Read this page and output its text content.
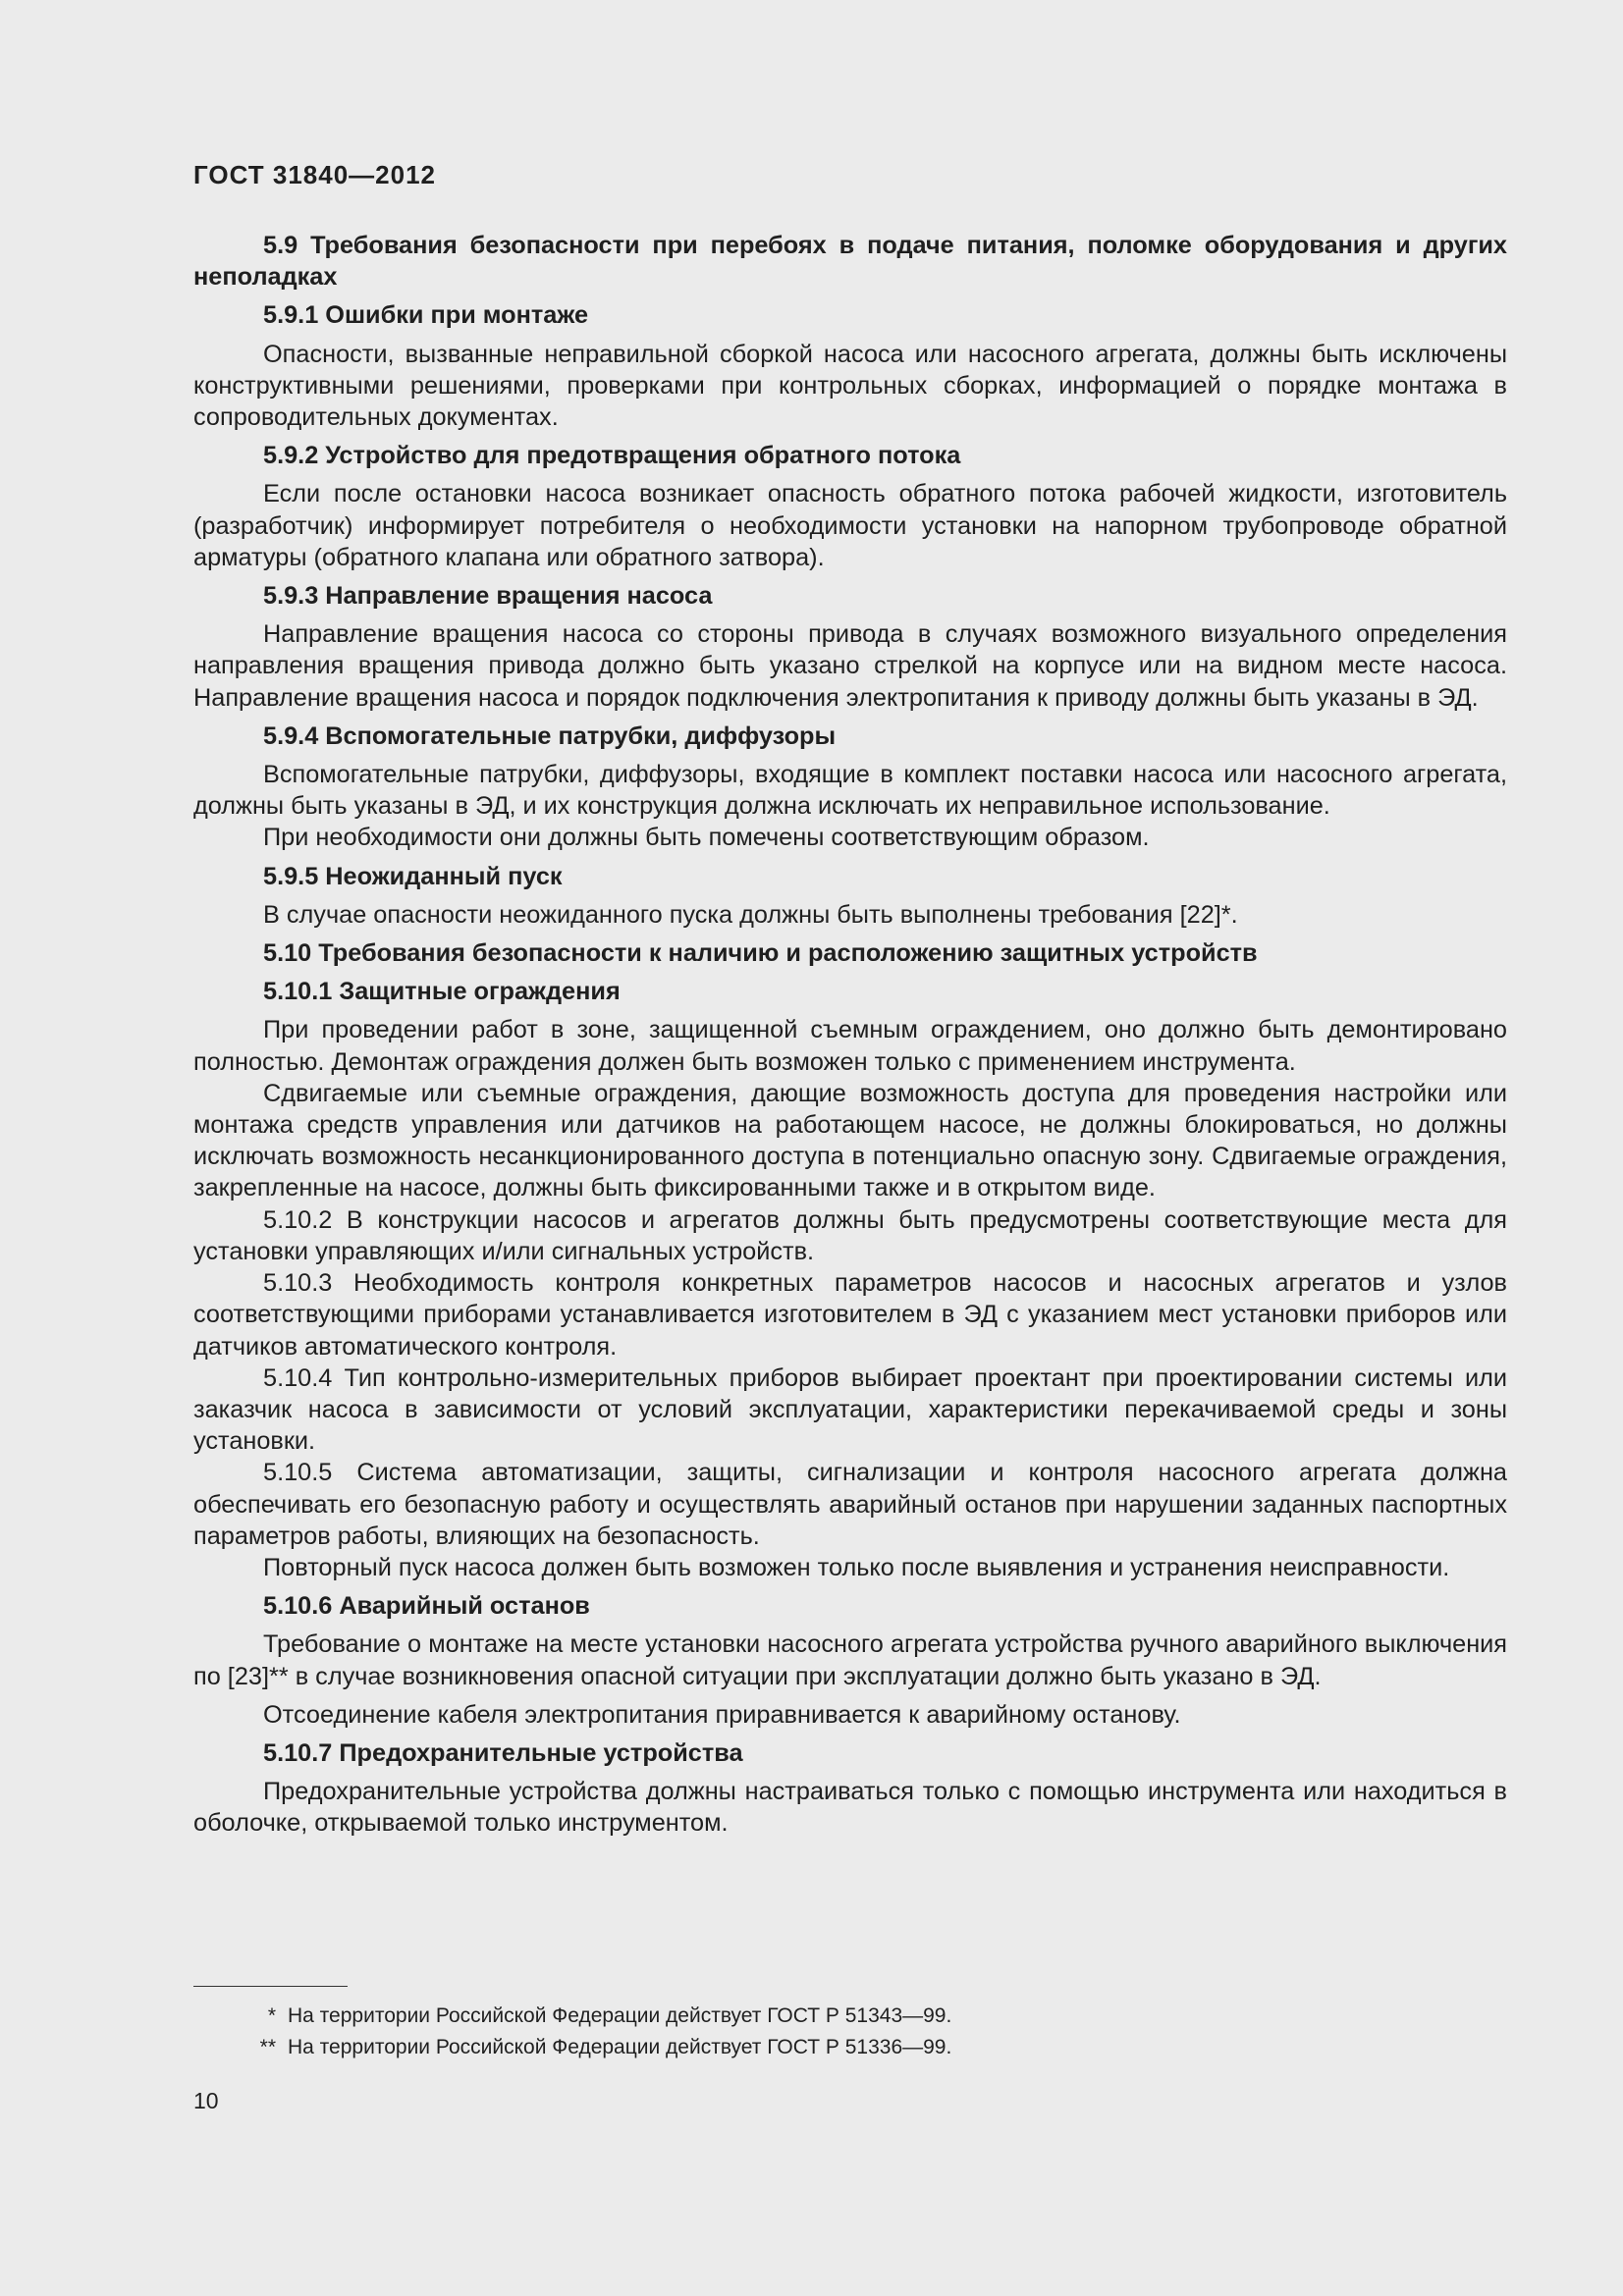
ГОСТ 31840—2012

5.9 Требования безопасности при перебоях в подаче питания, поломке оборудования и других неполадках

5.9.1 Ошибки при монтаже

Опасности, вызванные неправильной сборкой насоса или насосного агрегата, должны быть исключены конструктивными решениями, проверками при контрольных сборках, информацией о порядке монтажа в сопроводительных документах.

5.9.2 Устройство для предотвращения обратного потока

Если после остановки насоса возникает опасность обратного потока рабочей жидкости, изготовитель (разработчик) информирует потребителя о необходимости установки на напорном трубопроводе обратной арматуры (обратного клапана или обратного затвора).

5.9.3 Направление вращения насоса

Направление вращения насоса со стороны привода в случаях возможного визуального определения направления вращения привода должно быть указано стрелкой на корпусе или на видном месте насоса. Направление вращения насоса и порядок подключения электропитания к приводу должны быть указаны в ЭД.

5.9.4 Вспомогательные патрубки, диффузоры

Вспомогательные патрубки, диффузоры, входящие в комплект поставки насоса или насосного агрегата, должны быть указаны в ЭД, и их конструкция должна исключать их неправильное использование.

При необходимости они должны быть помечены соответствующим образом.

5.9.5 Неожиданный пуск

В случае опасности неожиданного пуска должны быть выполнены требования [22]*.

5.10 Требования безопасности к наличию и расположению защитных устройств

5.10.1 Защитные ограждения

При проведении работ в зоне, защищенной съемным ограждением, оно должно быть демонтировано полностью. Демонтаж ограждения должен быть возможен только с применением инструмента.

Сдвигаемые или съемные ограждения, дающие возможность доступа для проведения настройки или монтажа средств управления или датчиков на работающем насосе, не должны блокироваться, но должны исключать возможность несанкционированного доступа в потенциально опасную зону. Сдвигаемые ограждения, закрепленные на насосе, должны быть фиксированными также и в открытом виде.

5.10.2 В конструкции насосов и агрегатов должны быть предусмотрены соответствующие места для установки управляющих и/или сигнальных устройств.

5.10.3 Необходимость контроля конкретных параметров насосов и насосных агрегатов и узлов соответствующими приборами устанавливается изготовителем в ЭД с указанием мест установки приборов или датчиков автоматического контроля.

5.10.4 Тип контрольно-измерительных приборов выбирает проектант при проектировании системы или заказчик насоса в зависимости от условий эксплуатации, характеристики перекачиваемой среды и зоны установки.

5.10.5 Система автоматизации, защиты, сигнализации и контроля насосного агрегата должна обеспечивать его безопасную работу и осуществлять аварийный останов при нарушении заданных паспортных параметров работы, влияющих на безопасность.

Повторный пуск насоса должен быть возможен только после выявления и устранения неисправности.

5.10.6 Аварийный останов

Требование о монтаже на месте установки насосного агрегата устройства ручного аварийного выключения по [23]** в случае возникновения опасной ситуации при эксплуатации должно быть указано в ЭД.

Отсоединение кабеля электропитания приравнивается к аварийному останову.

5.10.7 Предохранительные устройства

Предохранительные устройства должны настраиваться только с помощью инструмента или находиться в оболочке, открываемой только инструментом.

* На территории Российской Федерации действует ГОСТ Р 51343—99.
** На территории Российской Федерации действует ГОСТ Р 51336—99.
10
